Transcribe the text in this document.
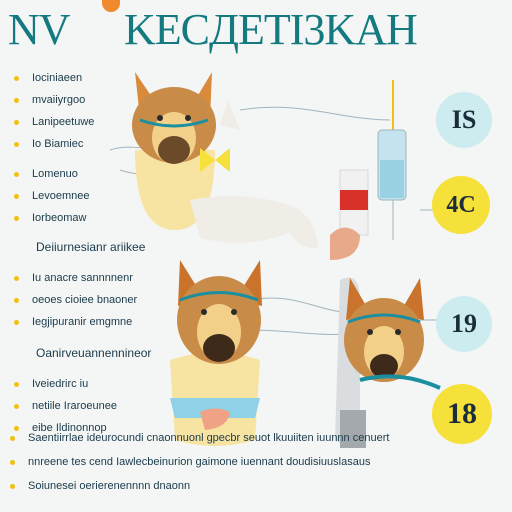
NV KECДETI3KAH
Iociniaeen
mvaiiyrgoo
Lanipeetuwe
Io Biamiec
Lomenuo
Levoemnee
Iorbeomaw
Deiiurnesianr ariikee
Iu anacre sannnnenr
oeoes cioiee bnaoner
Iegjipuranir emgmne
Oanirveuannennineor
Iveiedrirc iu
netiile Iraroeunee
eibe Ildinonnop
IS
4C
19
18
Saentiirrlae ideurocundi cnaonnuonl gpecbr seuot lkuuiiten iuunnn cenuert
nnreene tes cend Iawlecbeinurion gaimone iuennant doudisiuuslasaus
Soiunesei oerierenennnn dnaonn
